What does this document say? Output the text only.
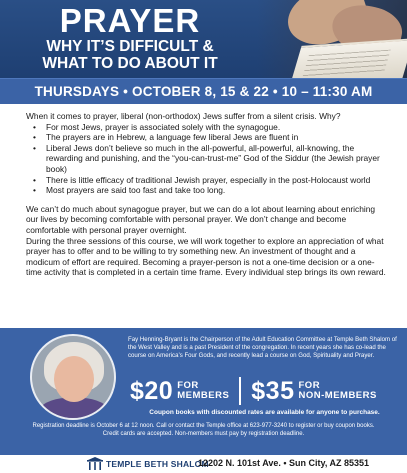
PRAYER
WHY IT’S DIFFICULT &
WHAT TO DO ABOUT IT
THURSDAYS • OCTOBER 8, 15 & 22 • 10 – 11:30 AM

When it comes to prayer, liberal (non-orthodox) Jews suffer from a silent crisis. Why?

• For most Jews, prayer is associated solely with the synagogue.
• The prayers are in Hebrew, a language few liberal Jews are fluent in
• Liberal Jews don’t believe so much in the all-powerful, all-powerful, all-knowing, the rewarding and punishing, and the “you-can-trust-me” God of the Siddur (the Jewish prayer book)
• There is little efficacy of traditional Jewish prayer, especially in the post-Holocaust world
• Most prayers are said too fast and take too long.

We can’t do much about synagogue prayer, but we can do a lot about learning about enriching our lives by becoming comfortable with personal prayer. We don’t change and become comfortable with personal prayer overnight.

During the three sessions of this course, we will work together to explore an appreciation of what prayer has to offer and to be willing to try something new. An investment of thought and a modicum of effort are required. Becoming a prayer-person is not a one-time decision or a one-time activity that is completed in a certain time frame. Every individual step brings its own reward.

Fay Henning-Bryant is the Chairperson of the Adult Education Committee at Temple Beth Shalom of the West Valley and is a past President of the congregation. In recent years she has co-lead the course on America’s Four Gods, and recently lead a course on God, Spirituality and Prayer.
$20 FOR
MEMBERS $35 FOR
NON-MEMBERS
Coupon books with discounted rates are available for anyone to purchase.
Registration deadline is October 6 at 12 noon. Call or contact the Temple office at 623-977-3240 to register or buy coupon books.
Credit cards are accepted. Non-members must pay by registration deadline.
TEMPLE BETH SHALOM
12202 N. 101st Ave. • Sun City, AZ 85351
